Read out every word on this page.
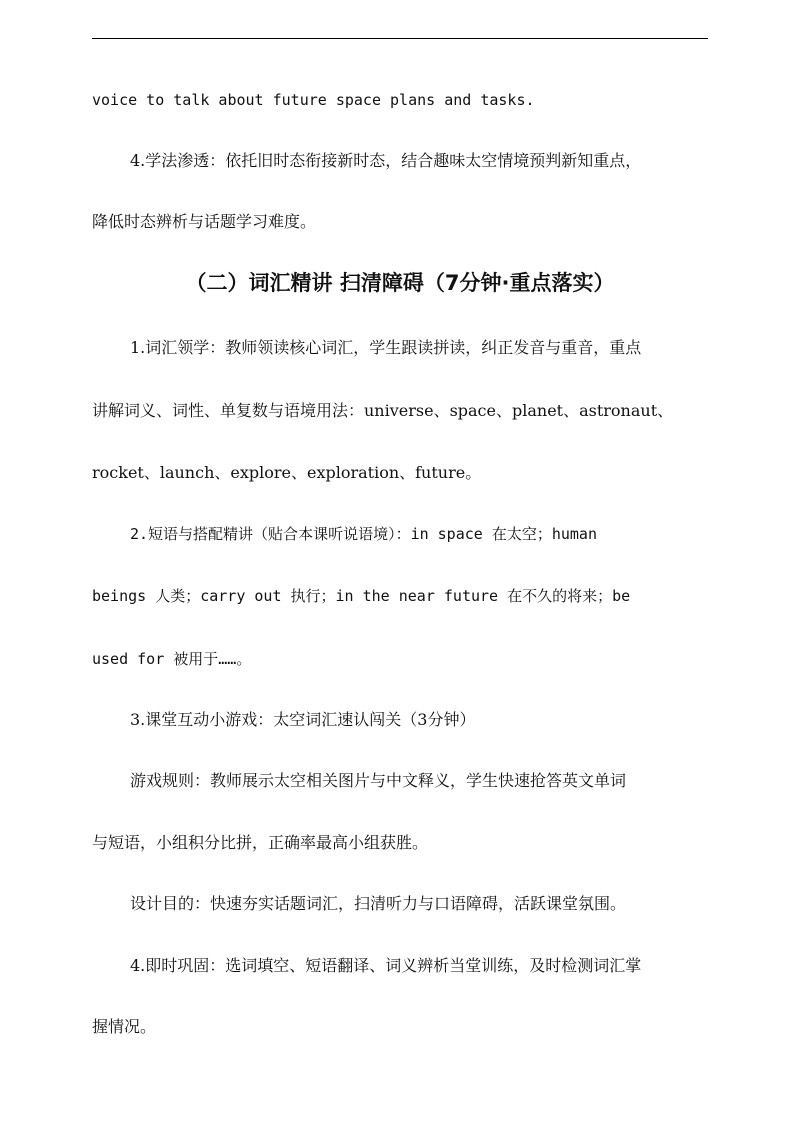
voice to talk about future space plans and tasks.
4.学法渗透：依托旧时态衔接新时态，结合趣味太空情境预判新知重点，
降低时态辨析与话题学习难度。
（二）词汇精讲 扫清障碍（7分钟·重点落实）
1.词汇领学：教师领读核心词汇，学生跟读拼读，纠正发音与重音，重点
讲解词义、词性、单复数与语境用法：universe、space、planet、astronaut、
rocket、launch、explore、exploration、future。
2.短语与搭配精讲（贴合本课听说语境）：in space 在太空；human
beings 人类；carry out 执行；in the near future 在不久的将来；be
used for 被用于……。
3.课堂互动小游戏：太空词汇速认闯关（3分钟）
游戏规则：教师展示太空相关图片与中文释义，学生快速抢答英文单词
与短语，小组积分比拼，正确率最高小组获胜。
设计目的：快速夯实话题词汇，扫清听力与口语障碍，活跃课堂氛围。
4.即时巩固：选词填空、短语翻译、词义辨析当堂训练，及时检测词汇掌
握情况。
